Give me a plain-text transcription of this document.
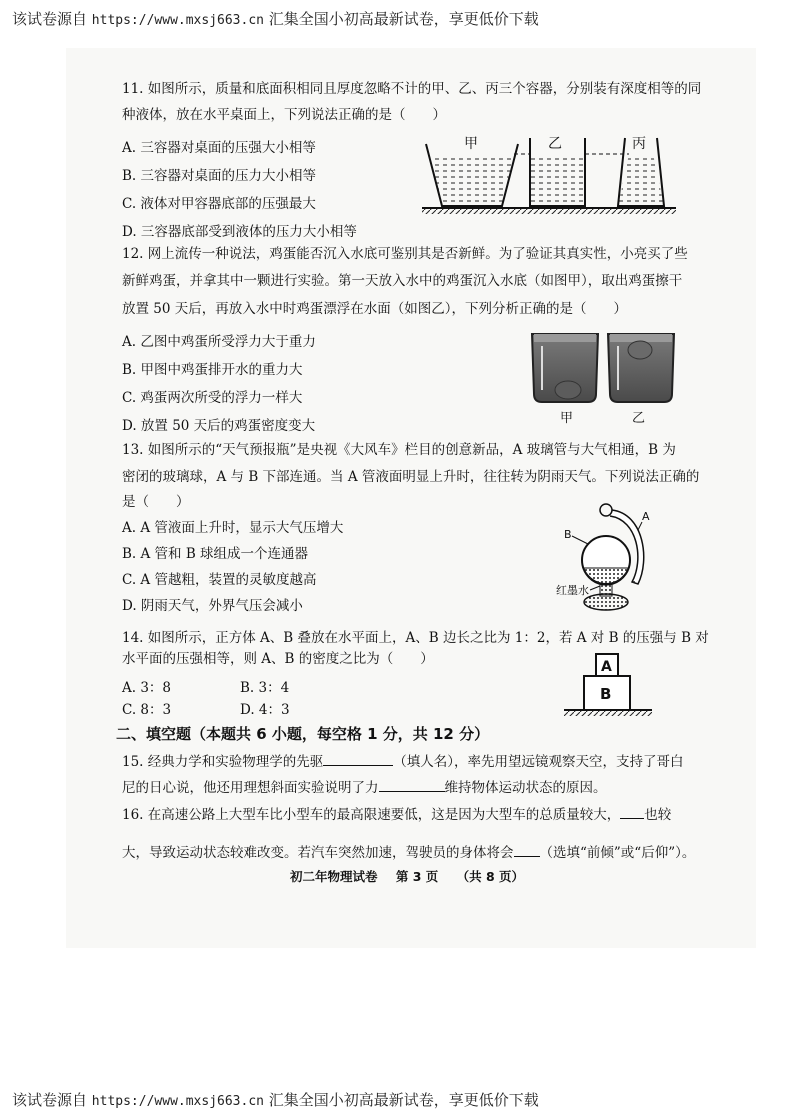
该试卷源自 https://www.mxsj663.cn 汇集全国小初高最新试卷，享更低价下载
11. 如图所示，质量和底面积相同且厚度忽略不计的甲、乙、丙三个容器，分别装有深度相等的同
种液体，放在水平桌面上，下列说法正确的是（　　）
A. 三容器对桌面的压强大小相等
B. 三容器对桌面的压力大小相等
C. 液体对甲容器底部的压强最大
D. 三容器底部受到液体的压力大小相等
甲	乙	丙
12. 网上流传一种说法，鸡蛋能否沉入水底可鉴别其是否新鲜。为了验证其真实性，小亮买了些
新鲜鸡蛋，并拿其中一颗进行实验。第一天放入水中的鸡蛋沉入水底（如图甲），取出鸡蛋擦干
放置 50 天后，再放入水中时鸡蛋漂浮在水面（如图乙），下列分析正确的是（　　）
A. 乙图中鸡蛋所受浮力大于重力
B. 甲图中鸡蛋排开水的重力大
C. 鸡蛋两次所受的浮力一样大
D. 放置 50 天后的鸡蛋密度变大	甲	乙
13. 如图所示的“天气预报瓶”是央视《大风车》栏目的创意新品，A 玻璃管与大气相通，B 为
密闭的玻璃球，A 与 B 下部连通。当 A 管液面明显上升时，往往转为阴雨天气。下列说法正确的
是（　　）
A. A 管液面上升时，显示大气压增大
B. A 管和 B 球组成一个连通器
C. A 管越粗，装置的灵敏度越高
D. 阴雨天气，外界气压会减小
B
A
红墨水
14. 如图所示，正方体 A、B 叠放在水平面上，A、B 边长之比为 1：2，若 A 对 B 的压强与 B 对
水平面的压强相等，则 A、B 的密度之比为（　　）
A. 3：8	B. 3：4
C. 8：3	D. 4：3
A
B
二、填空题（本题共 6 小题，每空格 1 分，共 12 分）
15. 经典力学和实验物理学的先驱	（填人名），率先用望远镜观察天空，支持了哥白
尼的日心说，他还用理想斜面实验说明了力	维持物体运动状态的原因。
16. 在高速公路上大型车比小型车的最高限速要低，这是因为大型车的总质量较大， 也较
大，导致运动状态较难改变。若汽车突然加速，驾驶员的身体将会 （选填“前倾”或“后仰”）。
初二年物理试卷 第 3 页 （共 8 页）
该试卷源自 https://www.mxsj663.cn 汇集全国小初高最新试卷，享更低价下载
